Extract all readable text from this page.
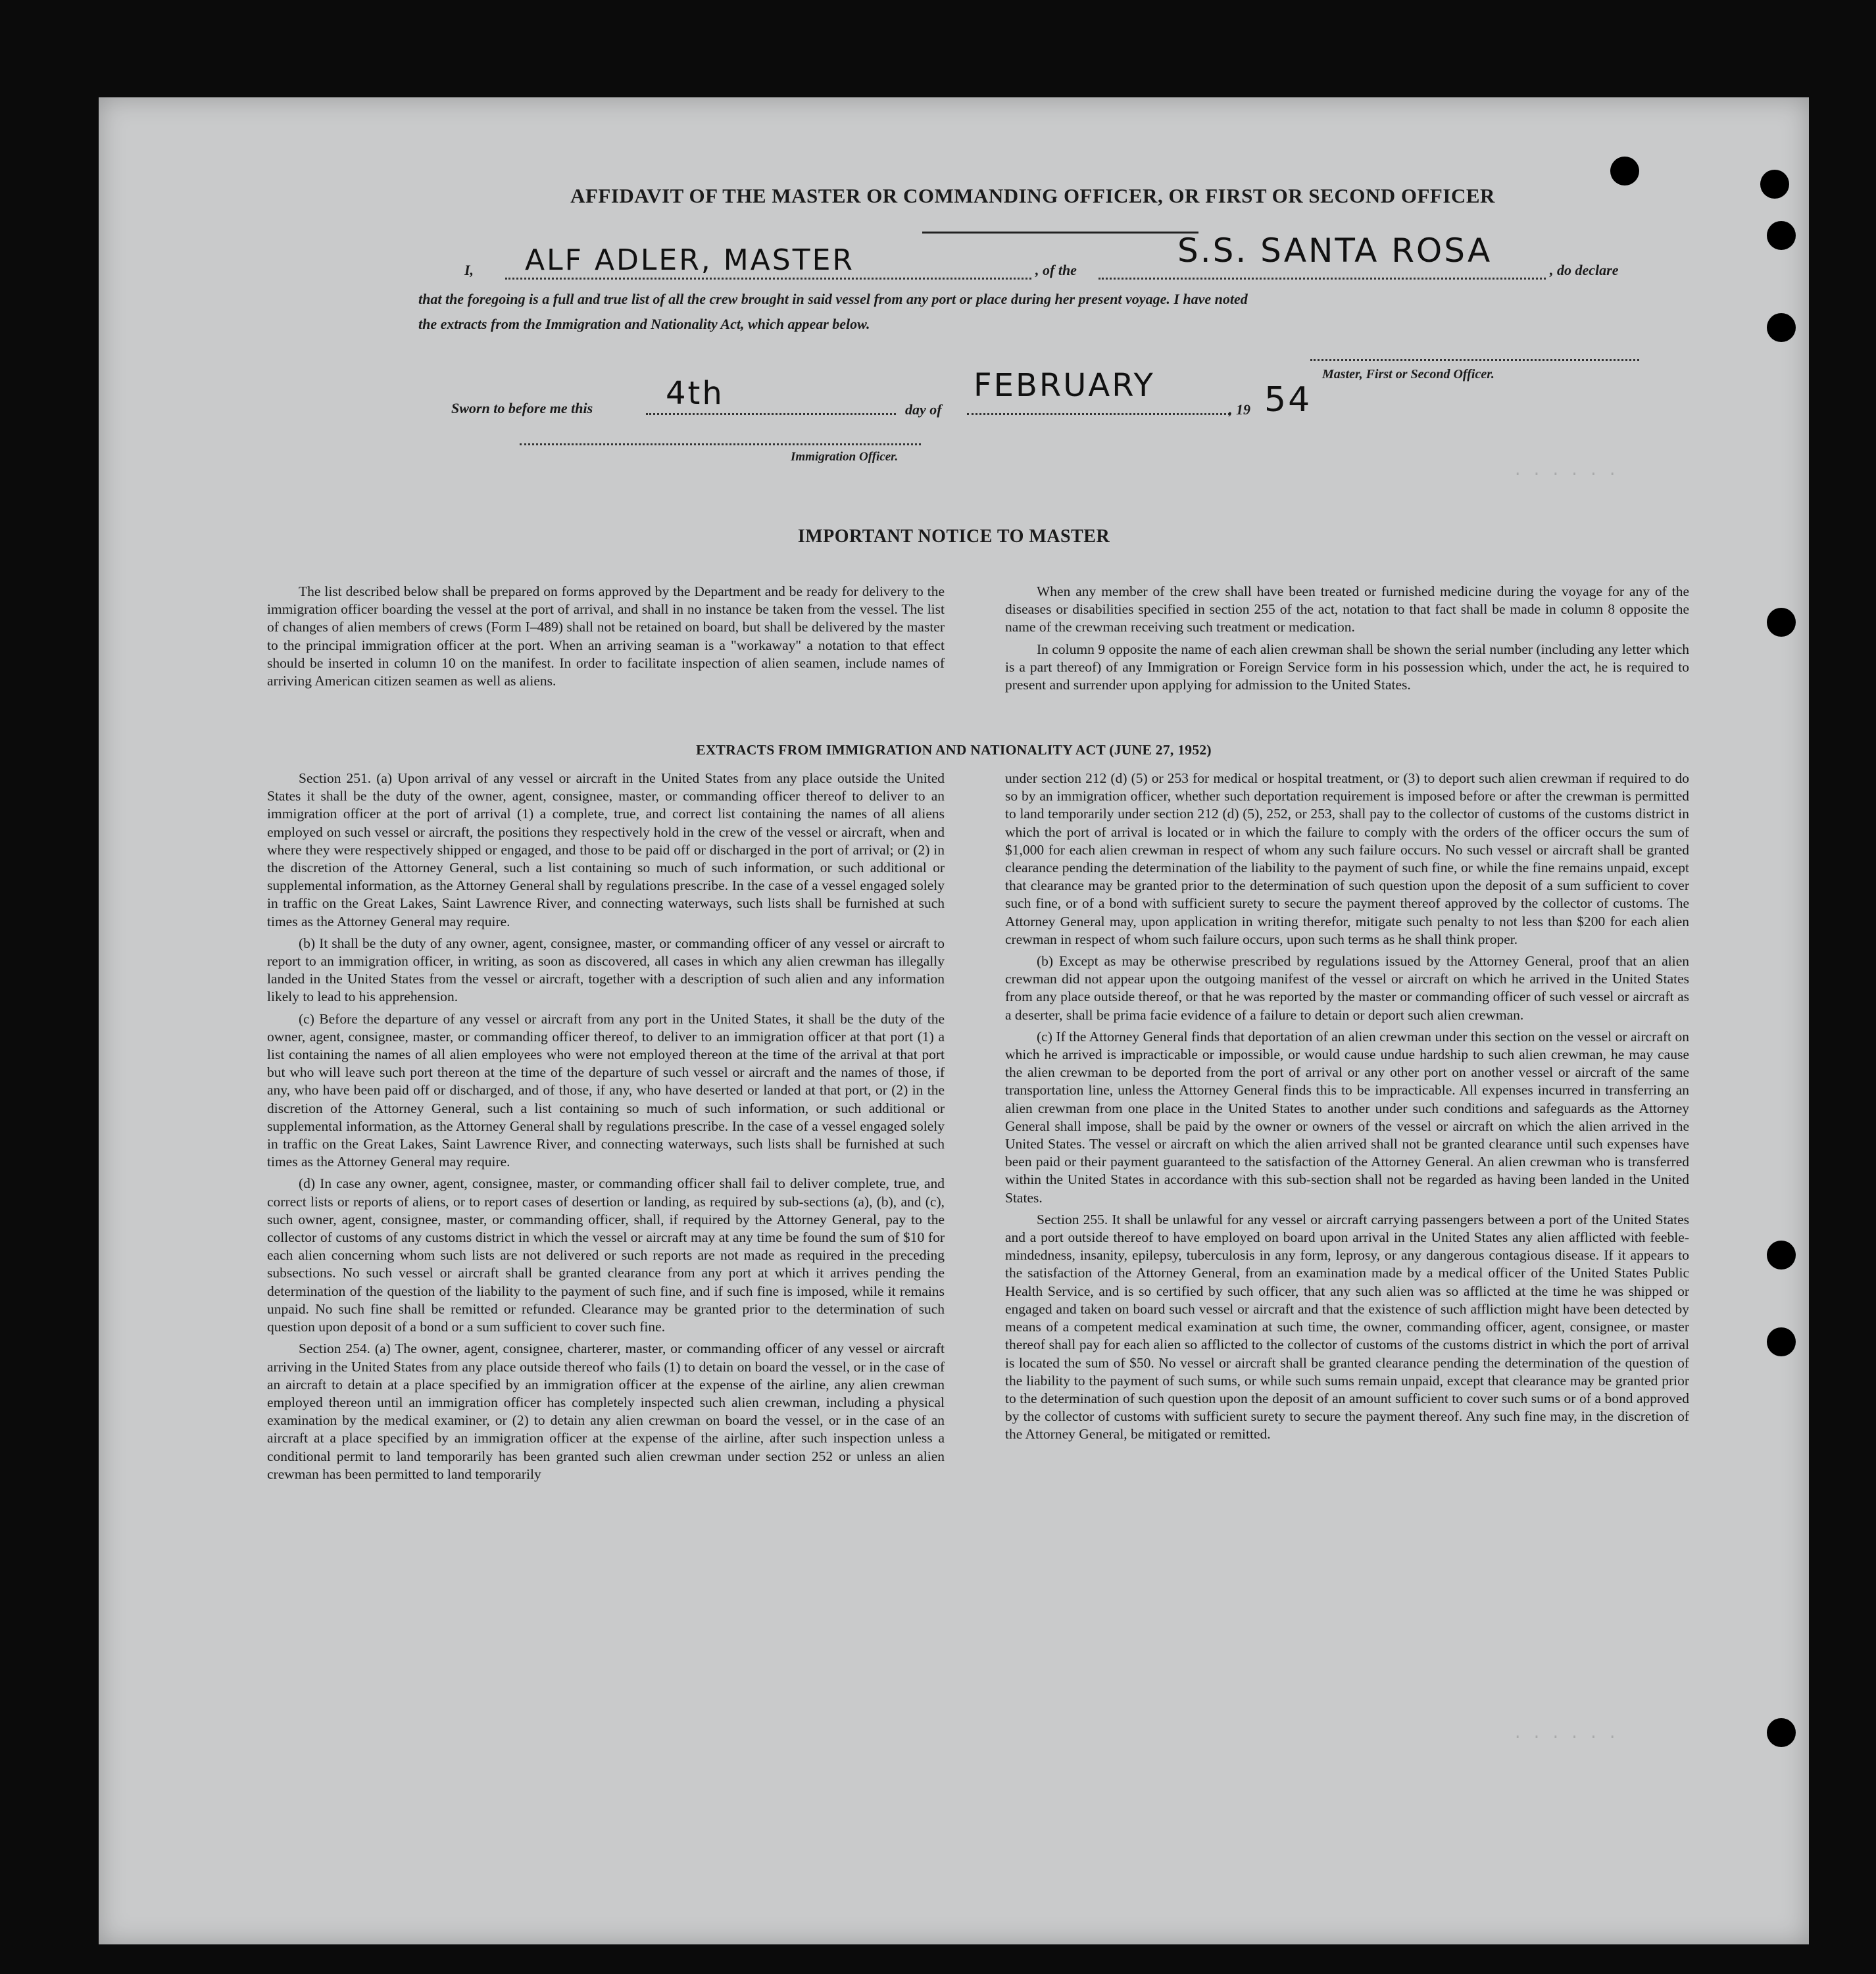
· · · · · ·
· · · · · ·
AFFIDAVIT OF THE MASTER OR COMMANDING OFFICER, OR FIRST OR SECOND OFFICER
I, ALF ADLER, MASTER	, of the
S.S. SANTA ROSA
, do declare
that the foregoing is a full and true list of all the crew brought in said vessel from any port or place during her present voyage. I have noted
the extracts from the Immigration and Nationality Act, which appear below.
Master, First or Second Officer.
Sworn to before me this 4th	day of
FEBRUARY
, 19 54
Immigration Officer.
IMPORTANT NOTICE TO MASTER

The list described below shall be prepared on forms approved by the Department and be ready for delivery to the immigration officer boarding the vessel at the port of arrival, and shall in no instance be taken from the vessel. The list of changes of alien members of crews (Form I–489) shall not be retained on board, but shall be delivered by the master to the principal immigration officer at the port. When an arriving seaman is a "workaway" a notation to that effect should be inserted in column 10 on the manifest. In order to facilitate inspection of alien seamen, include names of arriving American citizen seamen as well as aliens.

When any member of the crew shall have been treated or furnished medicine during the voyage for any of the diseases or disabilities specified in section 255 of the act, notation to that fact shall be made in column 8 opposite the name of the crewman receiving such treatment or medication.

In column 9 opposite the name of each alien crewman shall be shown the serial number (including any letter which is a part thereof) of any Immigration or Foreign Service form in his possession which, under the act, he is required to present and surrender upon applying for admission to the United States.

EXTRACTS FROM IMMIGRATION AND NATIONALITY ACT (JUNE 27, 1952)

Section 251. (a) Upon arrival of any vessel or aircraft in the United States from any place outside the United States it shall be the duty of the owner, agent, consignee, master, or commanding officer thereof to deliver to an immigration officer at the port of arrival (1) a complete, true, and correct list containing the names of all aliens employed on such vessel or aircraft, the positions they respectively hold in the crew of the vessel or aircraft, when and where they were respectively shipped or engaged, and those to be paid off or discharged in the port of arrival; or (2) in the discretion of the Attorney General, such a list containing so much of such information, or such additional or supplemental information, as the Attorney General shall by regulations prescribe. In the case of a vessel engaged solely in traffic on the Great Lakes, Saint Lawrence River, and connecting waterways, such lists shall be furnished at such times as the Attorney General may require.

(b) It shall be the duty of any owner, agent, consignee, master, or commanding officer of any vessel or aircraft to report to an immigration officer, in writing, as soon as discovered, all cases in which any alien crewman has illegally landed in the United States from the vessel or aircraft, together with a description of such alien and any information likely to lead to his apprehension.

(c) Before the departure of any vessel or aircraft from any port in the United States, it shall be the duty of the owner, agent, consignee, master, or commanding officer thereof, to deliver to an immigration officer at that port (1) a list containing the names of all alien employees who were not employed thereon at the time of the arrival at that port but who will leave such port thereon at the time of the departure of such vessel or aircraft and the names of those, if any, who have been paid off or discharged, and of those, if any, who have deserted or landed at that port, or (2) in the discretion of the Attorney General, such a list containing so much of such information, or such additional or supplemental information, as the Attorney General shall by regulations prescribe. In the case of a vessel engaged solely in traffic on the Great Lakes, Saint Lawrence River, and connecting waterways, such lists shall be furnished at such times as the Attorney General may require.

(d) In case any owner, agent, consignee, master, or commanding officer shall fail to deliver complete, true, and correct lists or reports of aliens, or to report cases of desertion or landing, as required by sub-sections (a), (b), and (c), such owner, agent, consignee, master, or commanding officer, shall, if required by the Attorney General, pay to the collector of customs of any customs district in which the vessel or aircraft may at any time be found the sum of $10 for each alien concerning whom such lists are not delivered or such reports are not made as required in the preceding subsections. No such vessel or aircraft shall be granted clearance from any port at which it arrives pending the determination of the question of the liability to the payment of such fine, and if such fine is imposed, while it remains unpaid. No such fine shall be remitted or refunded. Clearance may be granted prior to the determination of such question upon deposit of a bond or a sum sufficient to cover such fine.

Section 254. (a) The owner, agent, consignee, charterer, master, or commanding officer of any vessel or aircraft arriving in the United States from any place outside thereof who fails (1) to detain on board the vessel, or in the case of an aircraft to detain at a place specified by an immigration officer at the expense of the airline, any alien crewman employed thereon until an immigration officer has completely inspected such alien crewman, including a physical examination by the medical examiner, or (2) to detain any alien crewman on board the vessel, or in the case of an aircraft at a place specified by an immigration officer at the expense of the airline, after such inspection unless a conditional permit to land temporarily has been granted such alien crewman under section 252 or unless an alien crewman has been permitted to land temporarily

under section 212 (d) (5) or 253 for medical or hospital treatment, or (3) to deport such alien crewman if required to do so by an immigration officer, whether such deportation requirement is imposed before or after the crewman is permitted to land temporarily under section 212 (d) (5), 252, or 253, shall pay to the collector of customs of the customs district in which the port of arrival is located or in which the failure to comply with the orders of the officer occurs the sum of $1,000 for each alien crewman in respect of whom any such failure occurs. No such vessel or aircraft shall be granted clearance pending the determination of the liability to the payment of such fine, or while the fine remains unpaid, except that clearance may be granted prior to the determination of such question upon the deposit of a sum sufficient to cover such fine, or of a bond with sufficient surety to secure the payment thereof approved by the collector of customs. The Attorney General may, upon application in writing therefor, mitigate such penalty to not less than $200 for each alien crewman in respect of whom such failure occurs, upon such terms as he shall think proper.

(b) Except as may be otherwise prescribed by regulations issued by the Attorney General, proof that an alien crewman did not appear upon the outgoing manifest of the vessel or aircraft on which he arrived in the United States from any place outside thereof, or that he was reported by the master or commanding officer of such vessel or aircraft as a deserter, shall be prima facie evidence of a failure to detain or deport such alien crewman.

(c) If the Attorney General finds that deportation of an alien crewman under this section on the vessel or aircraft on which he arrived is impracticable or impossible, or would cause undue hardship to such alien crewman, he may cause the alien crewman to be deported from the port of arrival or any other port on another vessel or aircraft of the same transportation line, unless the Attorney General finds this to be impracticable. All expenses incurred in transferring an alien crewman from one place in the United States to another under such conditions and safeguards as the Attorney General shall impose, shall be paid by the owner or owners of the vessel or aircraft on which the alien arrived in the United States. The vessel or aircraft on which the alien arrived shall not be granted clearance until such expenses have been paid or their payment guaranteed to the satisfaction of the Attorney General. An alien crewman who is transferred within the United States in accordance with this sub-section shall not be regarded as having been landed in the United States.

Section 255. It shall be unlawful for any vessel or aircraft carrying passengers between a port of the United States and a port outside thereof to have employed on board upon arrival in the United States any alien afflicted with feeble-mindedness, insanity, epilepsy, tuberculosis in any form, leprosy, or any dangerous contagious disease. If it appears to the satisfaction of the Attorney General, from an examination made by a medical officer of the United States Public Health Service, and is so certified by such officer, that any such alien was so afflicted at the time he was shipped or engaged and taken on board such vessel or aircraft and that the existence of such affliction might have been detected by means of a competent medical examination at such time, the owner, commanding officer, agent, consignee, or master thereof shall pay for each alien so afflicted to the collector of customs of the customs district in which the port of arrival is located the sum of $50. No vessel or aircraft shall be granted clearance pending the determination of the question of the liability to the payment of such sums, or while such sums remain unpaid, except that clearance may be granted prior to the determination of such question upon the deposit of an amount sufficient to cover such sums or of a bond approved by the collector of customs with sufficient surety to secure the payment thereof. Any such fine may, in the discretion of the Attorney General, be mitigated or remitted.
